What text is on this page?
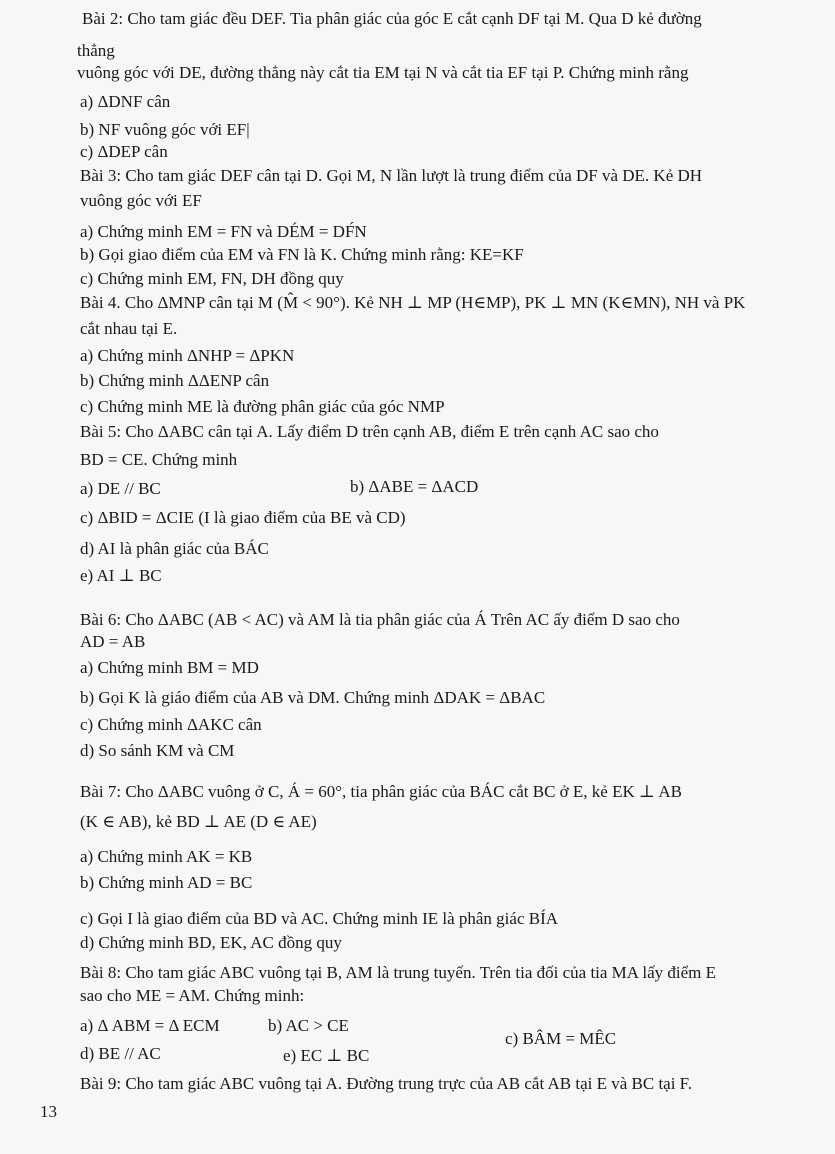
Bài 2: Cho tam giác đều DEF. Tia phân giác của góc E cắt cạnh DF tại M. Qua D kẻ đường
thẳng
vuông góc với DE, đường thẳng này cắt tia EM tại N và cắt tia EF tại P. Chứng minh rằng
a) ΔDNF cân
b) NF vuông góc với EF|
c) ΔDEP cân
Bài 3: Cho tam giác DEF cân tại D. Gọi M, N lần lượt là trung điểm của DF và DE. Kẻ DH
vuông góc với EF
a) Chứng minh EM = FN và DÉM = DF́N
b) Gọi giao điểm của EM và FN là K. Chứng minh rằng: KE=KF
c) Chứng minh EM, FN, DH đồng quy
Bài 4. Cho ΔMNP cân tại M (M̂ < 90°). Kẻ NH ⊥ MP (H∈MP), PK ⊥ MN (K∈MN), NH và PK
cắt nhau tại E.
a) Chứng minh ΔNHP = ΔPKN
b) Chứng minh ΔΔENP cân
c) Chứng minh ME là đường phân giác của góc NMP
Bài 5: Cho ΔABC cân tại A. Lấy điểm D trên cạnh AB, điểm E trên cạnh AC sao cho
BD = CE. Chứng minh
a) DE // BC	b) ΔABE = ΔACD
c) ΔBID = ΔCIE (I là giao điểm của BE và CD)
d) AI là phân giác của BÁC
e) AI ⊥ BC
Bài 6: Cho ΔABC (AB < AC) và AM là tia phân giác của Á Trên AC ấy điểm D sao cho
AD = AB
a) Chứng minh BM = MD
b) Gọi K là giáo điểm của AB và DM. Chứng minh ΔDAK = ΔBAC
c) Chứng minh ΔAKC cân
d) So sánh KM và CM
Bài 7: Cho ΔABC vuông ở C, Á = 60°, tia phân giác của BÁC cắt BC ở E, kẻ EK ⊥ AB
(K ∈ AB), kẻ BD ⊥ AE (D ∈ AE)
a) Chứng minh AK = KB
b) Chứng minh AD = BC
c) Gọi I là giao điểm của BD và AC. Chứng minh IE là phân giác BÍA
d) Chứng minh BD, EK, AC đồng quy
Bài 8: Cho tam giác ABC vuông tại B, AM là trung tuyến. Trên tia đối của tia MA lấy điểm E
sao cho ME = AM. Chứng minh:
a) Δ ABM = Δ ECM	b) AC > CE
c) BÂM = MÊC
d) BE // AC	e) EC ⊥ BC
Bài 9: Cho tam giác ABC vuông tại A. Đường trung trực của AB cắt AB tại E và BC tại F.
13
